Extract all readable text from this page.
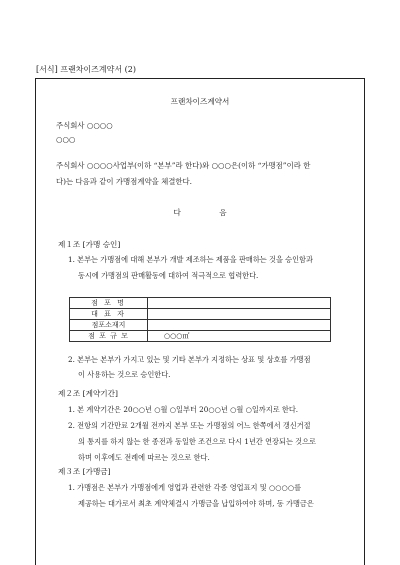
[서식] 프랜차이즈계약서 (2)
프랜차이즈계약서
주식회사 ○○○○
○○○
주식회사 ○○○○사업부(이하 “본부”라 한다)와 ○○○은(이하 “가맹점”이라 한
다)는 다음과 같이 가맹점계약을 체결한다.
다 음
제１조 [가맹 승인]
1. 본부는 가맹점에 대해 본부가 개발 제조하는 제품을 판매하는 것을 승인함과
동시에 가맹점의 판매활동에 대하여 적극적으로 협력한다.
점 포 명	
대 표 자	
점포소재지	
점 포 규 모	○○○㎡
2. 본부는 본부가 가지고 있는 및 기타 본부가 지정하는 상표 및 상호를 가맹점
이 사용하는 것으로 승인한다.
제２조 [계약기간]
1. 본 계약기간은 20○○년 ○월 ○일부터 20○○년 ○월 ○일까지로 한다.
2. 전항의 기간만료 2개월 전까지 본부 또는 가맹점의 어느 한쪽에서 갱신거절
의 통지를 하지 않는 한 종전과 동일한 조건으로 다시 1년간 연장되는 것으로
하며 이후에도 전례에 따르는 것으로 한다.
제３조 [가맹금]
1. 가맹점은 본부가 가맹점에게 영업과 관련한 각종 영업표지 및 ○○○○를
제공하는 대가로서 최초 계약체결시 가맹금을 납입하여야 하며, 동 가맹금은
